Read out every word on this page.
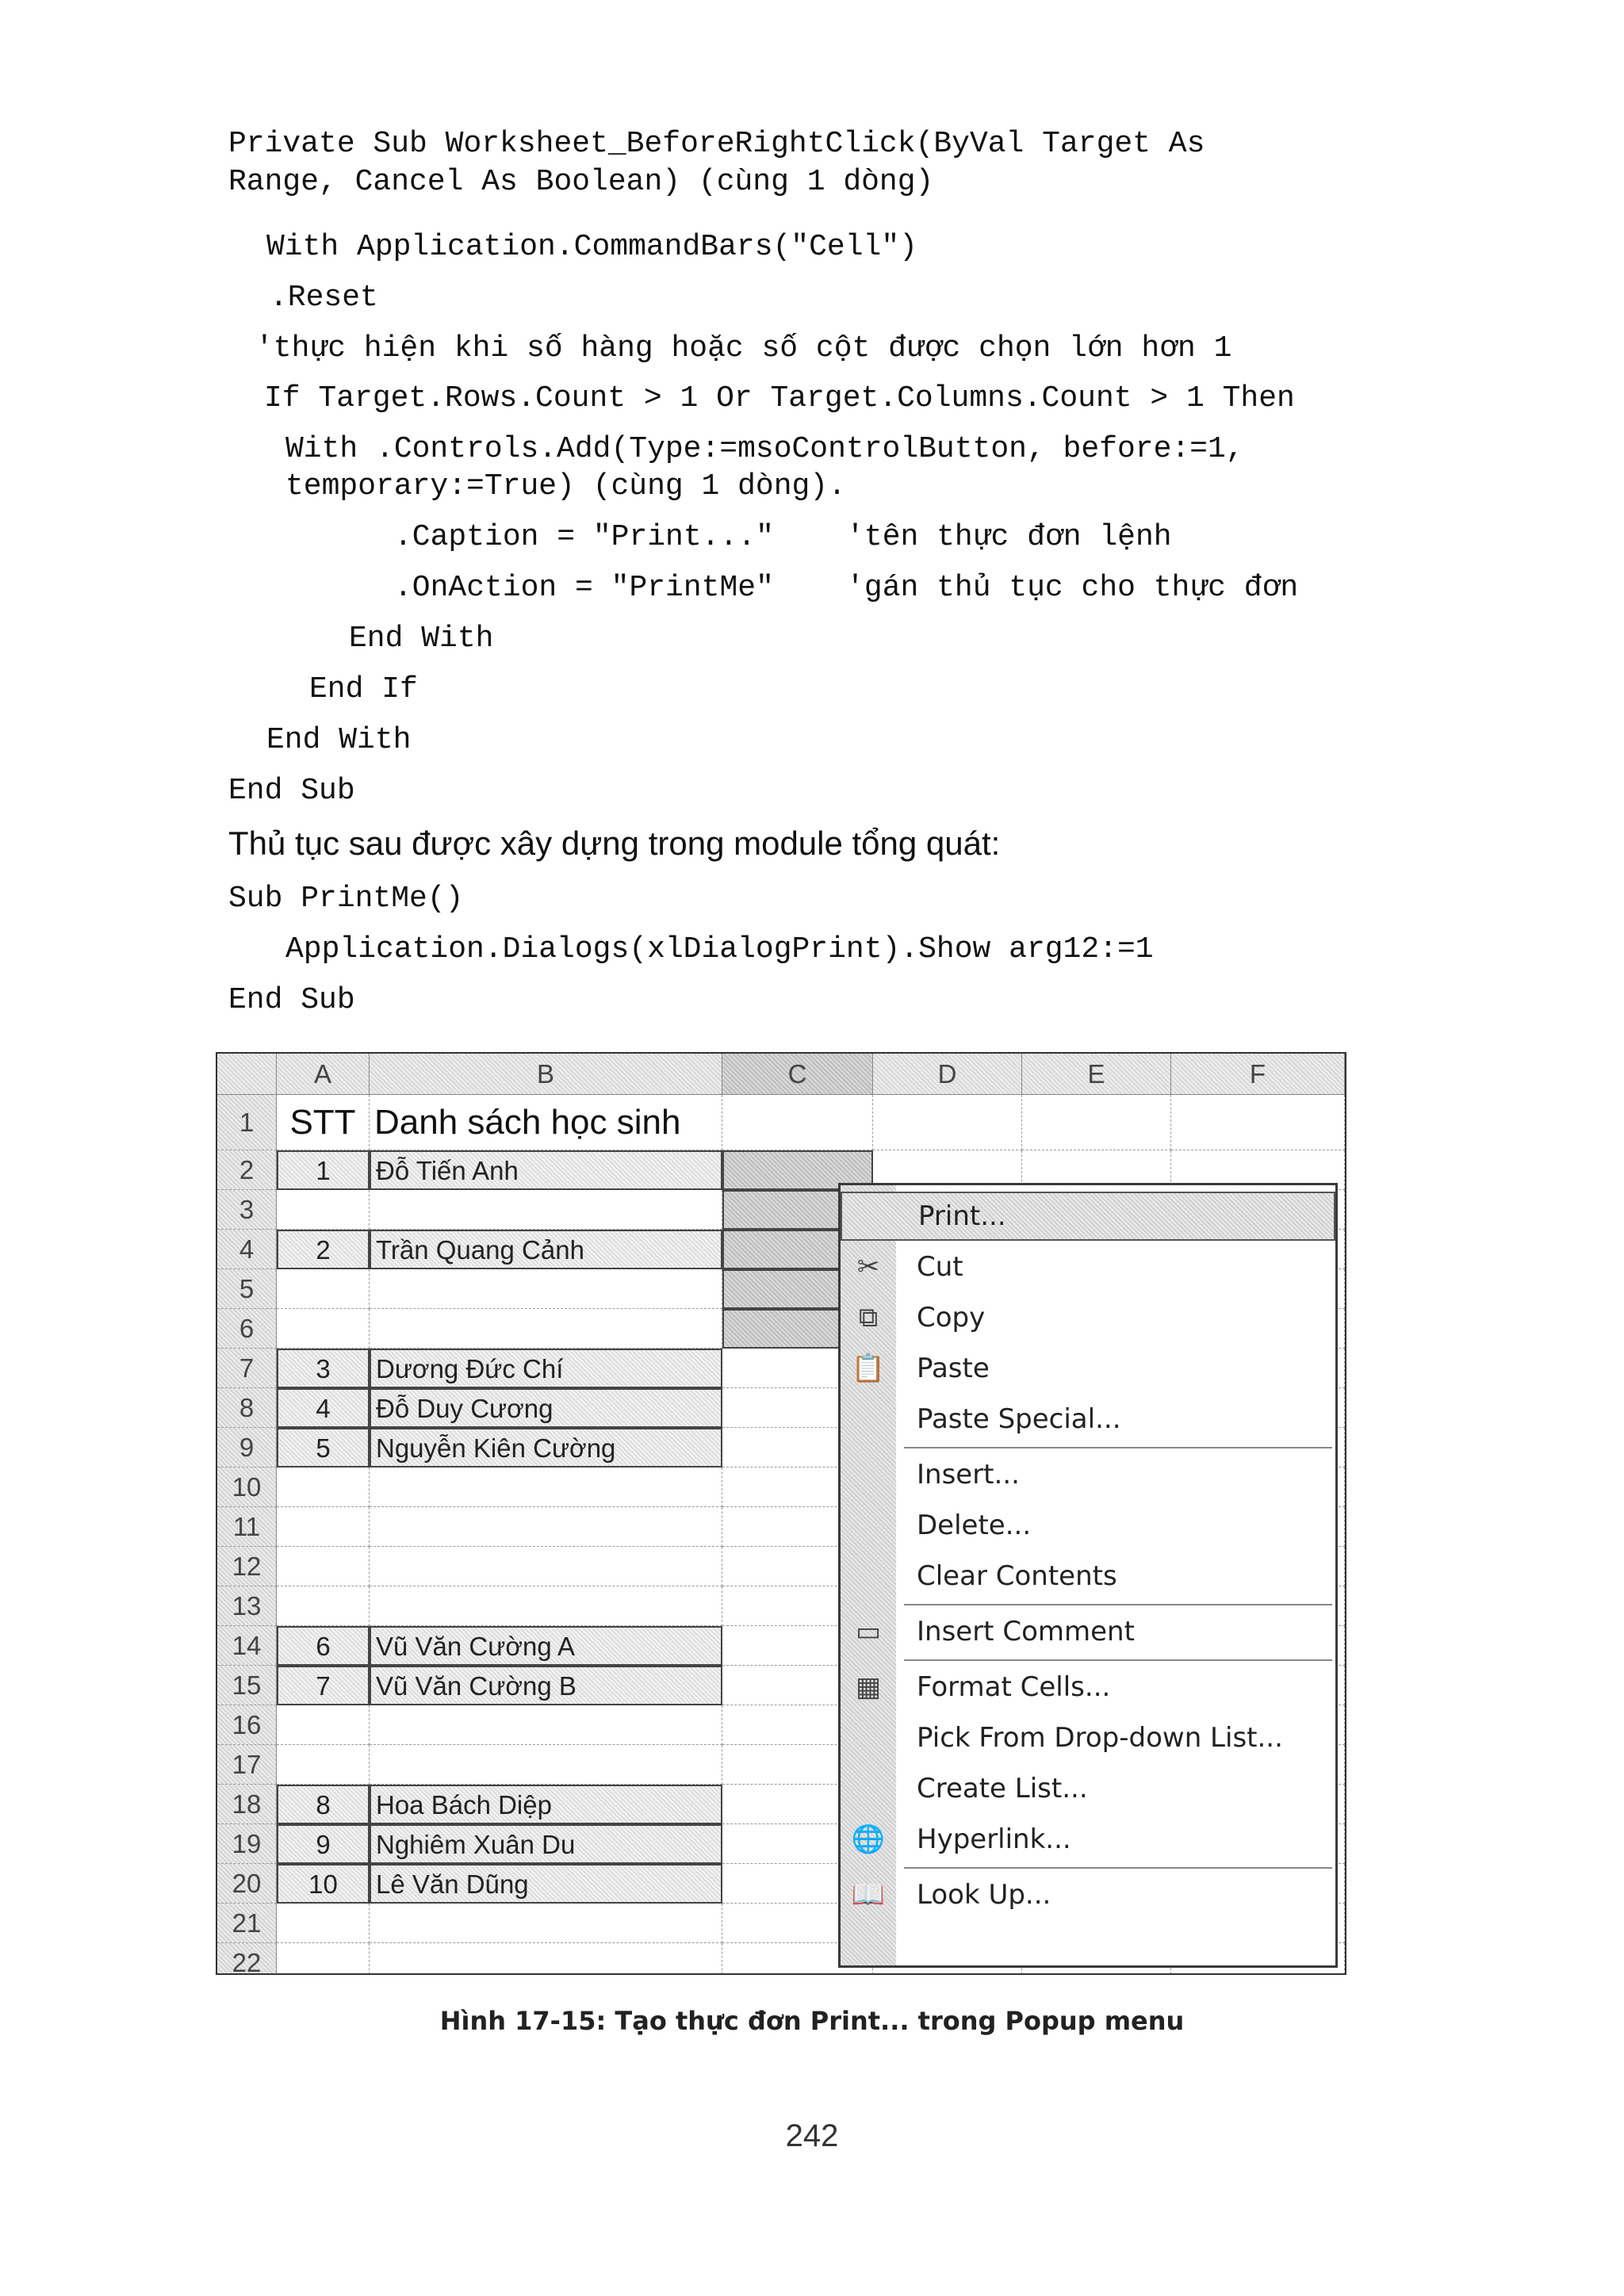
Private Sub Worksheet_BeforeRightClick(ByVal Target As
Range, Cancel As Boolean) (cùng 1 dòng)
With Application.CommandBars("Cell")
.Reset
'thực hiện khi số hàng hoặc số cột được chọn lớn hơn 1
If Target.Rows.Count > 1 Or Target.Columns.Count > 1 Then
With .Controls.Add(Type:=msoControlButton, before:=1,
temporary:=True) (cùng 1 dòng).
.Caption = "Print..."    'tên thực đơn lệnh
.OnAction = "PrintMe"    'gán thủ tục cho thực đơn
End With
End If
End With
End Sub
Thủ tục sau được xây dựng trong module tổng quát:
Sub PrintMe()
Application.Dialogs(xlDialogPrint).Show arg12:=1
End Sub
A	B	C	D	E	F
1	STT Danh sách học sinh
2	1	Đỗ Tiến Anh
3
4	2	Trần Quang Cảnh
5
6
7	3	Dương Đức Chí
8	4	Đỗ Duy Cương
9	5	Nguyễn Kiên Cường
10
11
12
13
14	6	Vũ Văn Cường A
15	7	Vũ Văn Cường B
16
17
18	8	Hoa Bách Diệp
19	9	Nghiêm Xuân Du
20	10	Lê Văn Dũng
21
22
Print...
✂ Cut
⧉ Copy
📋 Paste
Paste Special...
Insert...
Delete...
Clear Contents
▭ Insert Comment
▦ Format Cells...
Pick From Drop-down List...
Create List...
🌐 Hyperlink...
📖 Look Up...
Hình 17-15: Tạo thực đơn Print... trong Popup menu
242
